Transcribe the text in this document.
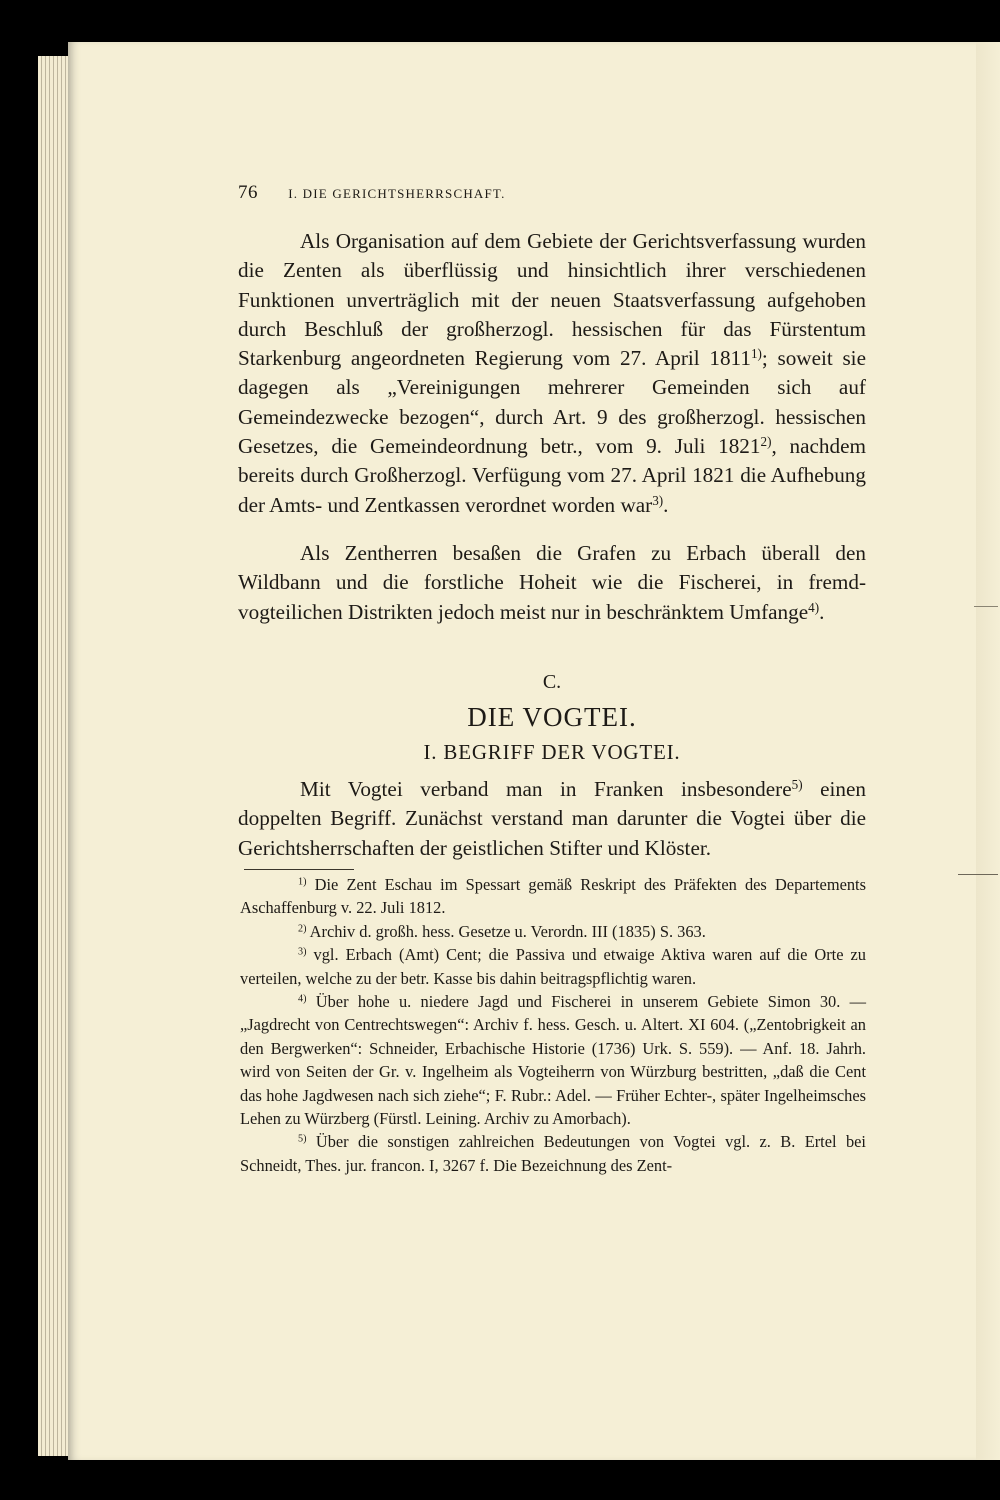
76 I. DIE GERICHTSHERRSCHAFT.

Als Organisation auf dem Gebiete der Gerichtsverfassung wurden die Zenten als überflüssig und hinsichtlich ihrer verschiedenen Funktionen unverträglich mit der neuen Staatsverfassung aufgehoben durch Beschluß der großherzogl. hessischen für das Fürstentum Starkenburg angeordneten Regierung vom 27. April 1811$^{1)}$; soweit sie dagegen als „Vereinigungen mehrerer Gemeinden sich auf Gemeindezwecke bezogen“, durch Art. 9 des großherzogl. hessischen Gesetzes, die Gemeindeordnung betr., vom 9. Juli 1821$^{2)}$, nachdem bereits durch Großherzogl. Verfügung vom 27. April 1821 die Aufhebung der Amts- und Zentkassen verordnet worden war$^{3)}$.

Als Zentherren besaßen die Grafen zu Erbach überall den Wildbann und die forstliche Hoheit wie die Fischerei, in fremdvogteilichen Distrikten jedoch meist nur in beschränktem Umfange$^{4)}$.

C.
DIE VOGTEI.
I. BEGRIFF DER VOGTEI.

Mit Vogtei verband man in Franken insbesondere$^{5)}$ einen doppelten Begriff. Zunächst verstand man darunter die Vogtei über die Gerichtsherrschaften der geistlichen Stifter und Klöster.

$^{1)}$ Die Zent Eschau im Spessart gemäß Reskript des Präfekten des Departements Aschaffenburg v. 22. Juli 1812.

$^{2)}$ Archiv d. großh. hess. Gesetze u. Verordn. III (1835) S. 363.

$^{3)}$ vgl. Erbach (Amt) Cent; die Passiva und etwaige Aktiva waren auf die Orte zu verteilen, welche zu der betr. Kasse bis dahin beitragspflichtig waren.

$^{4)}$ Über hohe u. niedere Jagd und Fischerei in unserem Gebiete Simon 30. — „Jagdrecht von Centrechtswegen“: Archiv f. hess. Gesch. u. Altert. XI 604. („Zentobrigkeit an den Bergwerken“: Schneider, Erbachische Historie (1736) Urk. S. 559). — Anf. 18. Jahrh. wird von Seiten der Gr. v. Ingelheim als Vogteiherrn von Würzburg bestritten, „daß die Cent das hohe Jagdwesen nach sich ziehe“; F. Rubr.: Adel. — Früher Echter-, später Ingelheimsches Lehen zu Würzberg (Fürstl. Leining. Archiv zu Amorbach).

$^{5)}$ Über die sonstigen zahlreichen Bedeutungen von Vogtei vgl. z. B. Ertel bei Schneidt, Thes. jur. francon. I, 3267 f. Die Bezeichnung des Zent-
